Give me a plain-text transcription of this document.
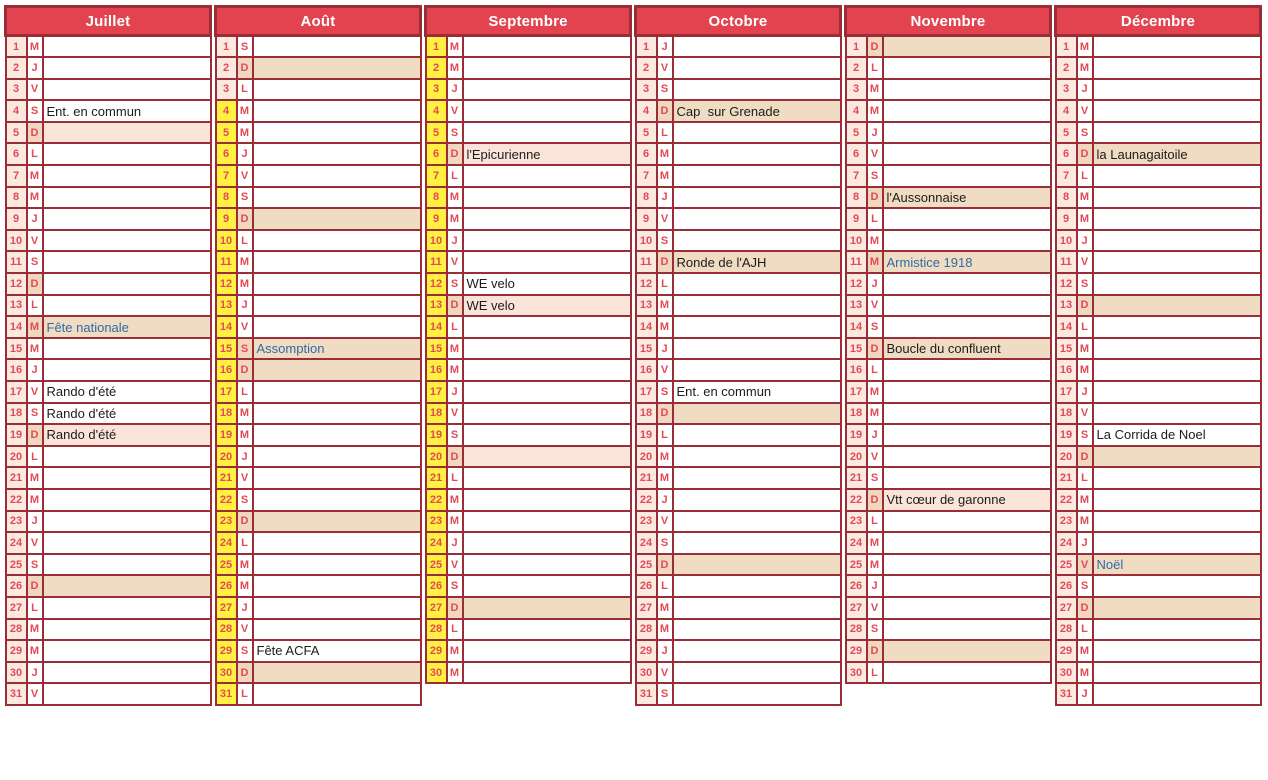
Juillet		
1	M	
2	J	
3	V	
4	S	Ent. en commun
5	D	
6	L	
7	M	
8	M	
9	J	
10	V	
11	S	
12	D	
13	L	
14	M	Fête nationale
15	M	
16	J	
17	V	Rando d'été
18	S	Rando d'été
19	D	Rando d'été
20	L	
21	M	
22	M	
23	J	
24	V	
25	S	
26	D	
27	L	
28	M	
29	M	
30	J	
31	V	
Août		
1	S	
2	D	
3	L	
4	M	
5	M	
6	J	
7	V	
8	S	
9	D	
10	L	
11	M	
12	M	
13	J	
14	V	
15	S	Assomption
16	D	
17	L	
18	M	
19	M	
20	J	
21	V	
22	S	
23	D	
24	L	
25	M	
26	M	
27	J	
28	V	
29	S	Fête ACFA
30	D	
31	L	
Septembre		
1	M	
2	M	
3	J	
4	V	
5	S	
6	D	l'Epicurienne
7	L	
8	M	
9	M	
10	J	
11	V	
12	S	WE velo
13	D	WE velo
14	L	
15	M	
16	M	
17	J	
18	V	
19	S	
20	D	
21	L	
22	M	
23	M	
24	J	
25	V	
26	S	
27	D	
28	L	
29	M	
30	M	
Octobre		
1	J	
2	V	
3	S	
4	D	Cap  sur Grenade
5	L	
6	M	
7	M	
8	J	
9	V	
10	S	
11	D	Ronde de l'AJH
12	L	
13	M	
14	M	
15	J	
16	V	
17	S	Ent. en commun
18	D	
19	L	
20	M	
21	M	
22	J	
23	V	
24	S	
25	D	
26	L	
27	M	
28	M	
29	J	
30	V	
31	S	
Novembre		
1	D	
2	L	
3	M	
4	M	
5	J	
6	V	
7	S	
8	D	l'Aussonnaise
9	L	
10	M	
11	M	Armistice 1918
12	J	
13	V	
14	S	
15	D	Boucle du confluent
16	L	
17	M	
18	M	
19	J	
20	V	
21	S	
22	D	Vtt cœur de garonne
23	L	
24	M	
25	M	
26	J	
27	V	
28	S	
29	D	
30	L	
Décembre		
1	M	
2	M	
3	J	
4	V	
5	S	
6	D	la Launagaitoile
7	L	
8	M	
9	M	
10	J	
11	V	
12	S	
13	D	
14	L	
15	M	
16	M	
17	J	
18	V	
19	S	La Corrida de Noel
20	D	
21	L	
22	M	
23	M	
24	J	
25	V	Noël
26	S	
27	D	
28	L	
29	M	
30	M	
31	J	
